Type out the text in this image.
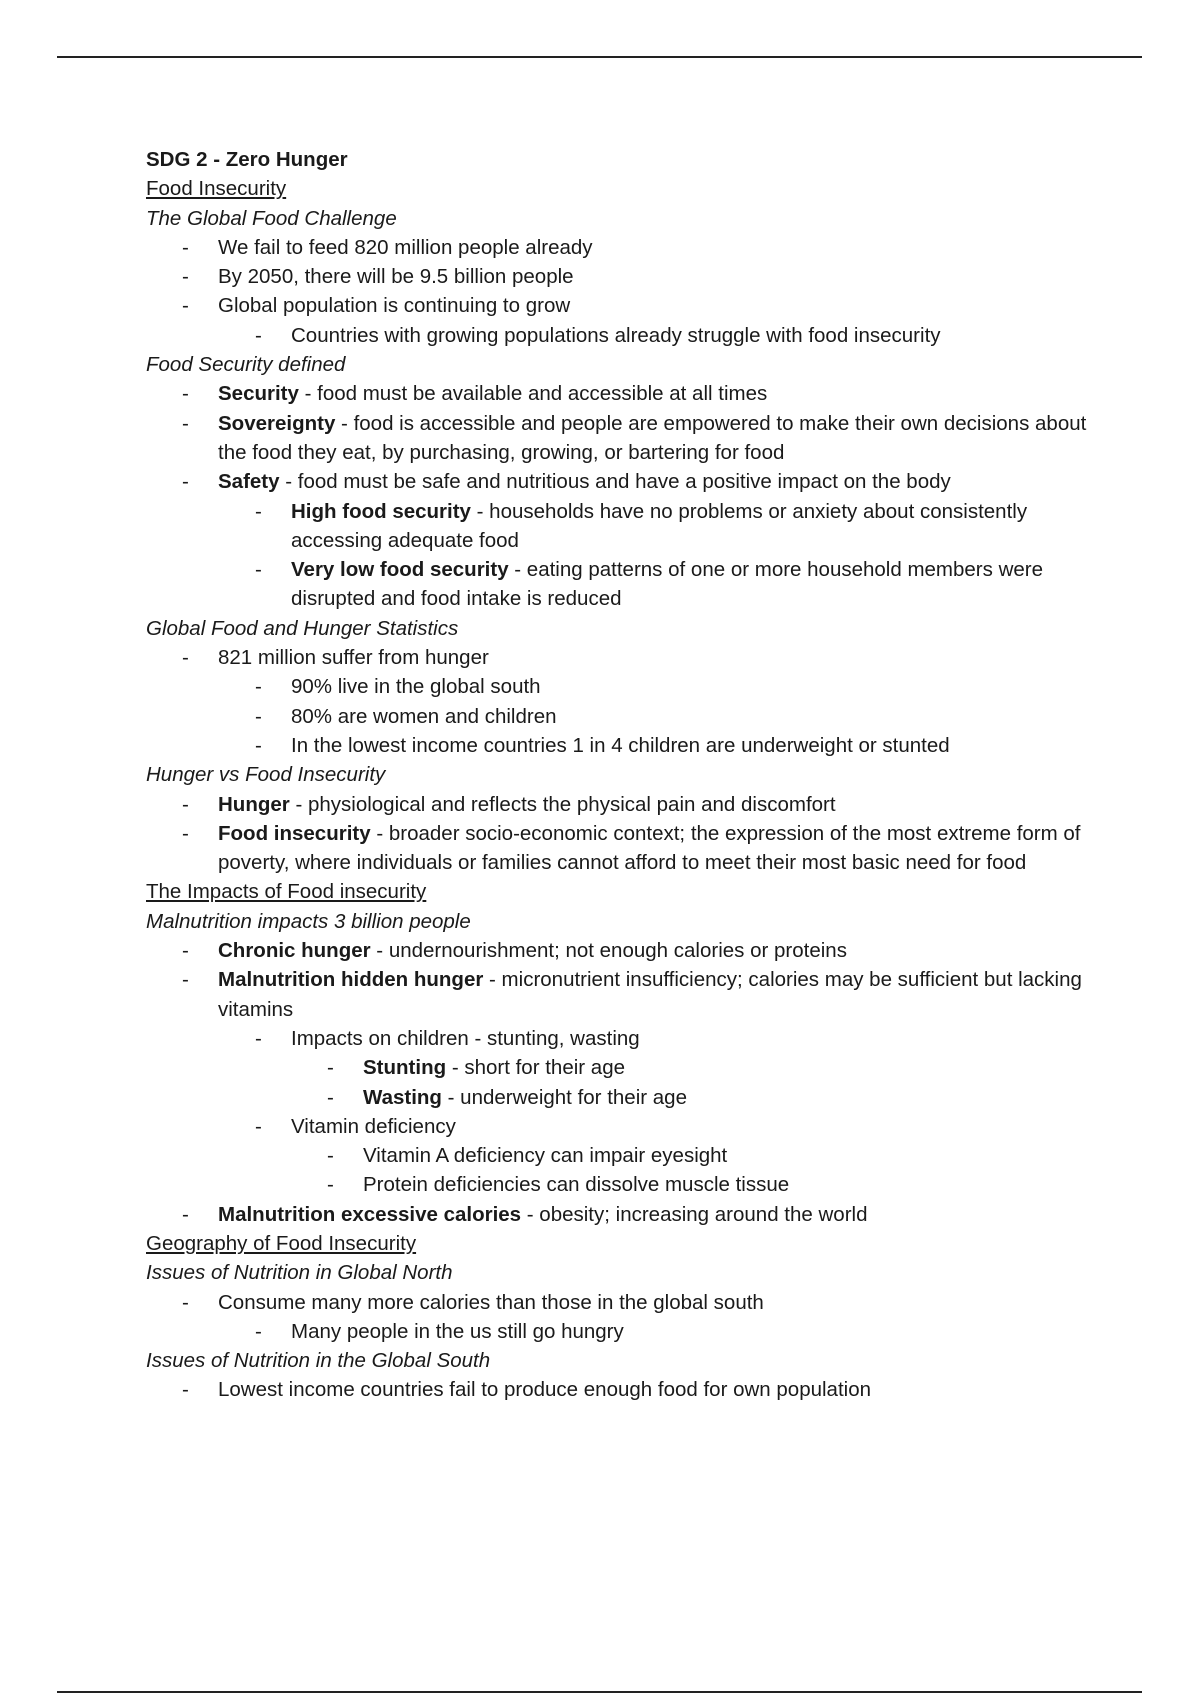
SDG 2 - Zero Hunger
Food Insecurity
The Global Food Challenge
- We fail to feed 820 million people already
- By 2050, there will be 9.5 billion people
- Global population is continuing to grow
- Countries with growing populations already struggle with food insecurity
Food Security defined
- Security - food must be available and accessible at all times
- Sovereignty - food is accessible and people are empowered to make their own decisions about the food they eat, by purchasing, growing, or bartering for food
- Safety - food must be safe and nutritious and have a positive impact on the body
- High food security - households have no problems or anxiety about consistently accessing adequate food
- Very low food security - eating patterns of one or more household members were disrupted and food intake is reduced
Global Food and Hunger Statistics
- 821 million suffer from hunger
- 90% live in the global south
- 80% are women and children
- In the lowest income countries 1 in 4 children are underweight or stunted
Hunger vs Food Insecurity
- Hunger - physiological and reflects the physical pain and discomfort
- Food insecurity - broader socio-economic context; the expression of the most extreme form of poverty, where individuals or families cannot afford to meet their most basic need for food
The Impacts of Food insecurity
Malnutrition impacts 3 billion people
- Chronic hunger - undernourishment; not enough calories or proteins
- Malnutrition hidden hunger - micronutrient insufficiency; calories may be sufficient but lacking vitamins
- Impacts on children - stunting, wasting
- Stunting - short for their age
- Wasting - underweight for their age
- Vitamin deficiency
- Vitamin A deficiency can impair eyesight
- Protein deficiencies can dissolve muscle tissue
- Malnutrition excessive calories - obesity; increasing around the world
Geography of Food Insecurity
Issues of Nutrition in Global North
- Consume many more calories than those in the global south
- Many people in the us still go hungry
Issues of Nutrition in the Global South
- Lowest income countries fail to produce enough food for own population
